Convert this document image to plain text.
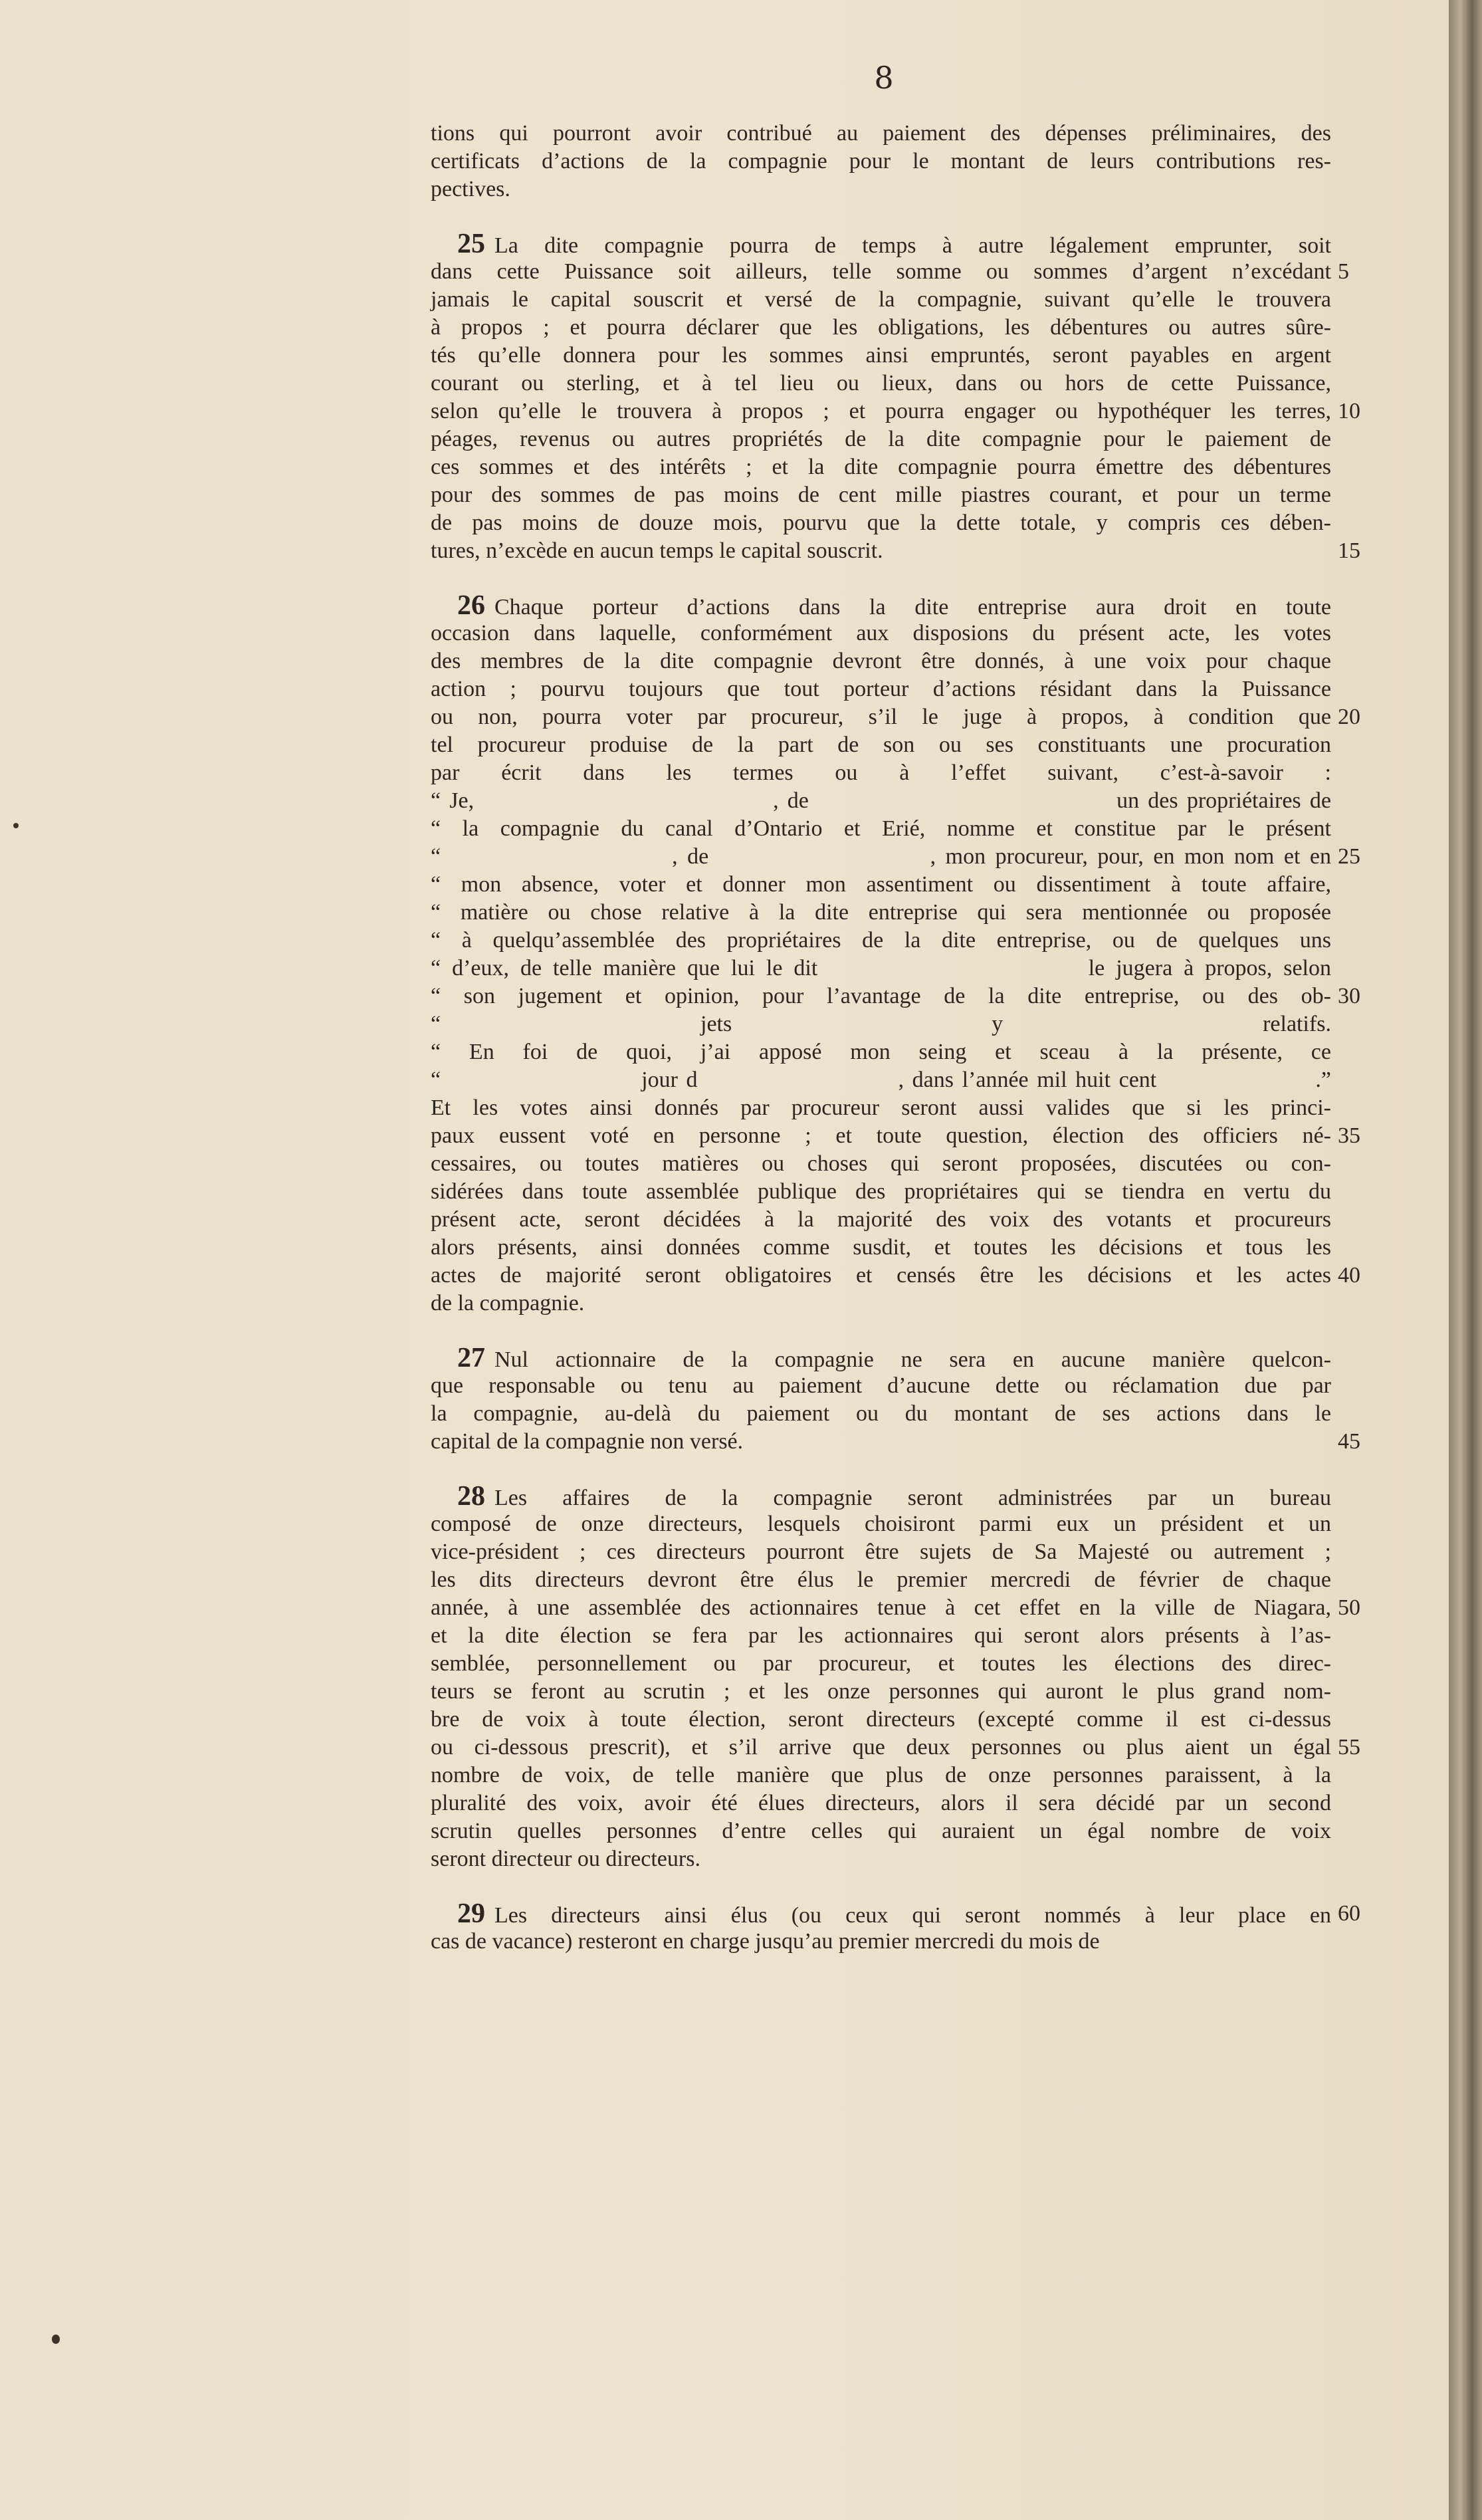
8
tions qui pourront avoir contribué au paiement des dépenses préliminaires, des
certificats d’actions de la compagnie pour le montant de leurs contributions res-
pectives.
25 La dite compagnie pourra de temps à autre légalement emprunter, soit
dans cette Puissance soit ailleurs, telle somme ou sommes d’argent n’excédant 5
jamais le capital souscrit et versé de la compagnie, suivant qu’elle le trouvera
à propos ; et pourra déclarer que les obligations, les débentures ou autres sûre-
tés qu’elle donnera pour les sommes ainsi empruntés, seront payables en argent
courant ou sterling, et à tel lieu ou lieux, dans ou hors de cette Puissance,
selon qu’elle le trouvera à propos ; et pourra engager ou hypothéquer les terres, 10
péages, revenus ou autres propriétés de la dite compagnie pour le paiement de
ces sommes et des intérêts ; et la dite compagnie pourra émettre des débentures
pour des sommes de pas moins de cent mille piastres courant, et pour un terme
de pas moins de douze mois, pourvu que la dette totale, y compris ces dében-
tures, n’excède en aucun temps le capital souscrit.	15
26 Chaque porteur d’actions dans la dite entreprise aura droit en toute
occasion dans laquelle, conformément aux disposions du présent acte, les votes
des membres de la dite compagnie devront être donnés, à une voix pour chaque
action ; pourvu toujours que tout porteur d’actions résidant dans la Puissance
ou non, pourra voter par procureur, s’il le juge à propos, à condition que 20
tel procureur produise de la part de son ou ses constituants une procuration
par écrit dans les termes ou à l’effet suivant, c’est-à-savoir :
“ Je,                                  , de                                   un des propriétaires de
“ la compagnie du canal d’Ontario et Erié, nomme et constitue par le présent
“                        , de                       , mon procureur, pour, en mon nom et en 25
“ mon absence, voter et donner mon assentiment ou dissentiment à toute affaire,
“ matière ou chose relative à la dite entreprise qui sera mentionnée ou proposée
“ à quelqu’assemblée des propriétaires de la dite entreprise, ou de quelques uns
“ d’eux, de telle manière que lui le dit                        le jugera à propos, selon
“ son jugement et opinion, pour l’avantage de la dite entreprise, ou des ob- 30
“ jets y relatifs.
“ En foi de quoi, j’ai apposé mon seing et sceau à la présente, ce
“                        jour d                        , dans l’année mil huit cent                   .”
Et les votes ainsi donnés par procureur seront aussi valides que si les princi-
paux eussent voté en personne ; et toute question, élection des officiers né- 35
cessaires, ou toutes matières ou choses qui seront proposées, discutées ou con-
sidérées dans toute assemblée publique des propriétaires qui se tiendra en vertu du
présent acte, seront décidées à la majorité des voix des votants et procureurs
alors présents, ainsi données comme susdit, et toutes les décisions et tous les
actes de majorité seront obligatoires et censés être les décisions et les actes 40
de la compagnie.
27 Nul actionnaire de la compagnie ne sera en aucune manière quelcon-
que responsable ou tenu au paiement d’aucune dette ou réclamation due par
la compagnie, au-delà du paiement ou du montant de ses actions dans le
capital de la compagnie non versé.	45
28 Les affaires de la compagnie seront administrées par un bureau
composé de onze directeurs, lesquels choisiront parmi eux un président et un
vice-président ; ces directeurs pourront être sujets de Sa Majesté ou autrement ;
les dits directeurs devront être élus le premier mercredi de février de chaque
année, à une assemblée des actionnaires tenue à cet effet en la ville de Niagara, 50
et la dite élection se fera par les actionnaires qui seront alors présents à l’as-
semblée, personnellement ou par procureur, et toutes les élections des direc-
teurs se feront au scrutin ; et les onze personnes qui auront le plus grand nom-
bre de voix à toute élection, seront directeurs (excepté comme il est ci-dessus
ou ci-dessous prescrit), et s’il arrive que deux personnes ou plus aient un égal 55
nombre de voix, de telle manière que plus de onze personnes paraissent, à la
pluralité des voix, avoir été élues directeurs, alors il sera décidé par un second
scrutin quelles personnes d’entre celles qui auraient un égal nombre de voix
seront directeur ou directeurs.
29 Les directeurs ainsi élus (ou ceux qui seront nommés à leur place en 60
cas de vacance) resteront en charge jusqu’au premier mercredi du mois de
